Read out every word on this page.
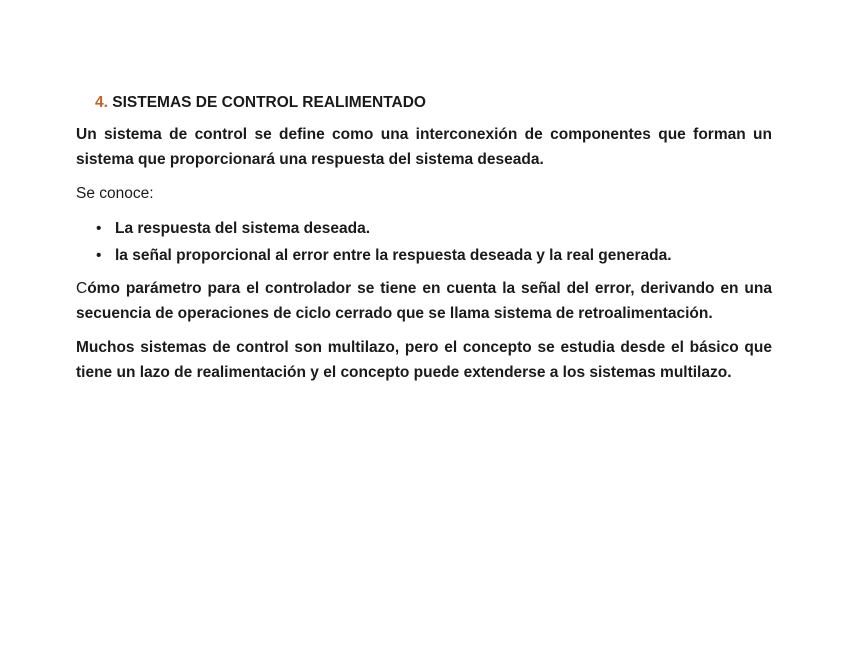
4. SISTEMAS DE CONTROL REALIMENTADO

Un sistema de control se define como una interconexión de componentes que forman un sistema que proporcionará una respuesta del sistema deseada.

Se conoce:

• La respuesta del sistema deseada.
• la señal proporcional al error entre la respuesta deseada y la real generada.

Cómo parámetro para el controlador se tiene en cuenta la señal del error, derivando en una secuencia de operaciones de ciclo cerrado que se llama sistema de retroalimentación.

Muchos sistemas de control son multilazo, pero el concepto se estudia desde el básico que tiene un lazo de realimentación y el concepto puede extenderse a los sistemas multilazo.
